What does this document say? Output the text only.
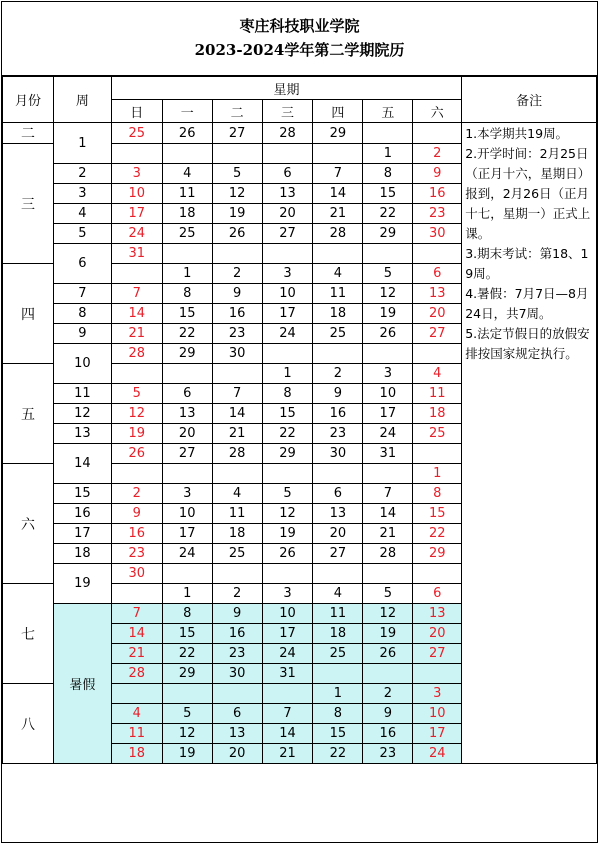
枣庄科技职业学院
2023-2024学年第二学期院历
月份	周	星期							备注
		日	一	二	三	四	五	六	
二	1	25	26	27	28	29			1.本学期共19周。
2.开学时间：2月25日（正月十六，星期日）报到，2月26日（正月十七，星期一）正式上课。
3.期末考试：第18、19周。
4.暑假：7月7日—8月24日，共7周。
5.法定节假日的放假安排按国家规定执行。

三							1	2	
	2	3	4	5	6	7	8	9	
	3	10	11	12	13	14	15	16	
	4	17	18	19	20	21	22	23	
	5	24	25	26	27	28	29	30	
	6	31							
四			1	2	3	4	5	6	
	7	7	8	9	10	11	12	13	
	8	14	15	16	17	18	19	20	
	9	21	22	23	24	25	26	27	
	10	28	29	30					
五					1	2	3	4	
	11	5	6	7	8	9	10	11	
	12	12	13	14	15	16	17	18	
	13	19	20	21	22	23	24	25	
	14	26	27	28	29	30	31		
六								1	
	15	2	3	4	5	6	7	8	
	16	9	10	11	12	13	14	15	
	17	16	17	18	19	20	21	22	
	18	23	24	25	26	27	28	29	
	19	30							
七			1	2	3	4	5	6	
	暑假	7	8	9	10	11	12	13	
		14	15	16	17	18	19	20	
		21	22	23	24	25	26	27	
		28	29	30	31				
八						1	2	3	
		4	5	6	7	8	9	10	
		11	12	13	14	15	16	17	
		18	19	20	21	22	23	24	
